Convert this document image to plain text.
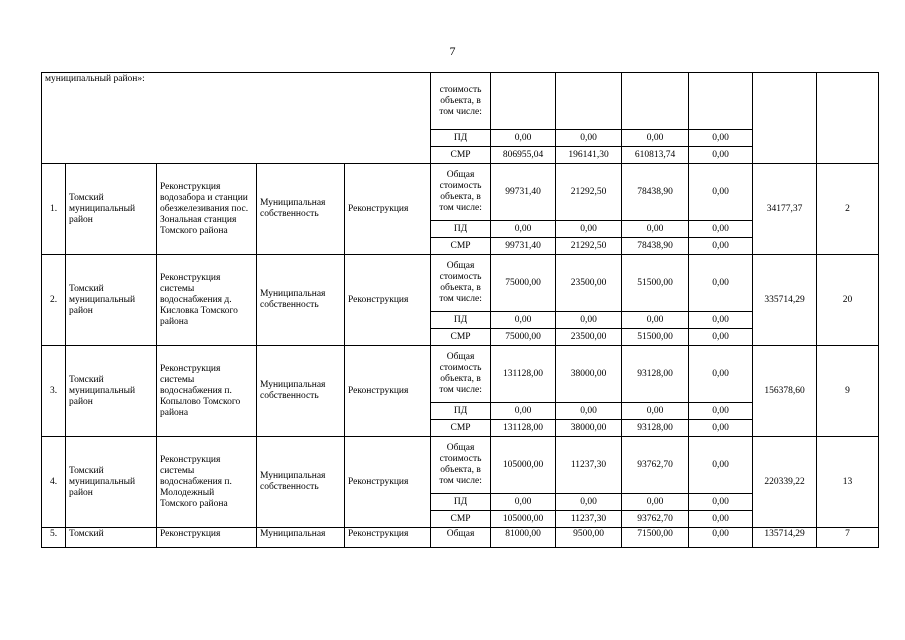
7
муниципальный район»:					стоимость объекта, в том числе:						
					ПД	0,00	0,00	0,00	0,00		
					СМР	806955,04	196141,30	610813,74	0,00		
1.	Томский муниципальный район	Реконструкция водозабора и станции обезжелезивания пос. Зональная станция Томского района	Муниципальная собственность	Реконструкция	Общая стоимость объекта, в том числе:	99731,40	21292,50	78438,90	0,00	34177,37	2
					ПД	0,00	0,00	0,00	0,00		
					СМР	99731,40	21292,50	78438,90	0,00		
2.	Томский муниципальный район	Реконструкция системы водоснабжения д. Кисловка Томского района	Муниципальная собственность	Реконструкция	Общая стоимость объекта, в том числе:	75000,00	23500,00	51500,00	0,00	335714,29	20
					ПД	0,00	0,00	0,00	0,00		
					СМР	75000,00	23500,00	51500,00	0,00		
3.	Томский муниципальный район	Реконструкция системы водоснабжения п. Копылово Томского района	Муниципальная собственность	Реконструкция	Общая стоимость объекта, в том числе:	131128,00	38000,00	93128,00	0,00	156378,60	9
					ПД	0,00	0,00	0,00	0,00		
					СМР	131128,00	38000,00	93128,00	0,00		
4.	Томский муниципальный район	Реконструкция системы водоснабжения п. Молодежный Томского района	Муниципальная собственность	Реконструкция	Общая стоимость объекта, в том числе:	105000,00	11237,30	93762,70	0,00	220339,22	13
					ПД	0,00	0,00	0,00	0,00		
					СМР	105000,00	11237,30	93762,70	0,00		
5.	Томский	Реконструкция	Муниципальная	Реконструкция	Общая	81000,00	9500,00	71500,00	0,00	135714,29	7
